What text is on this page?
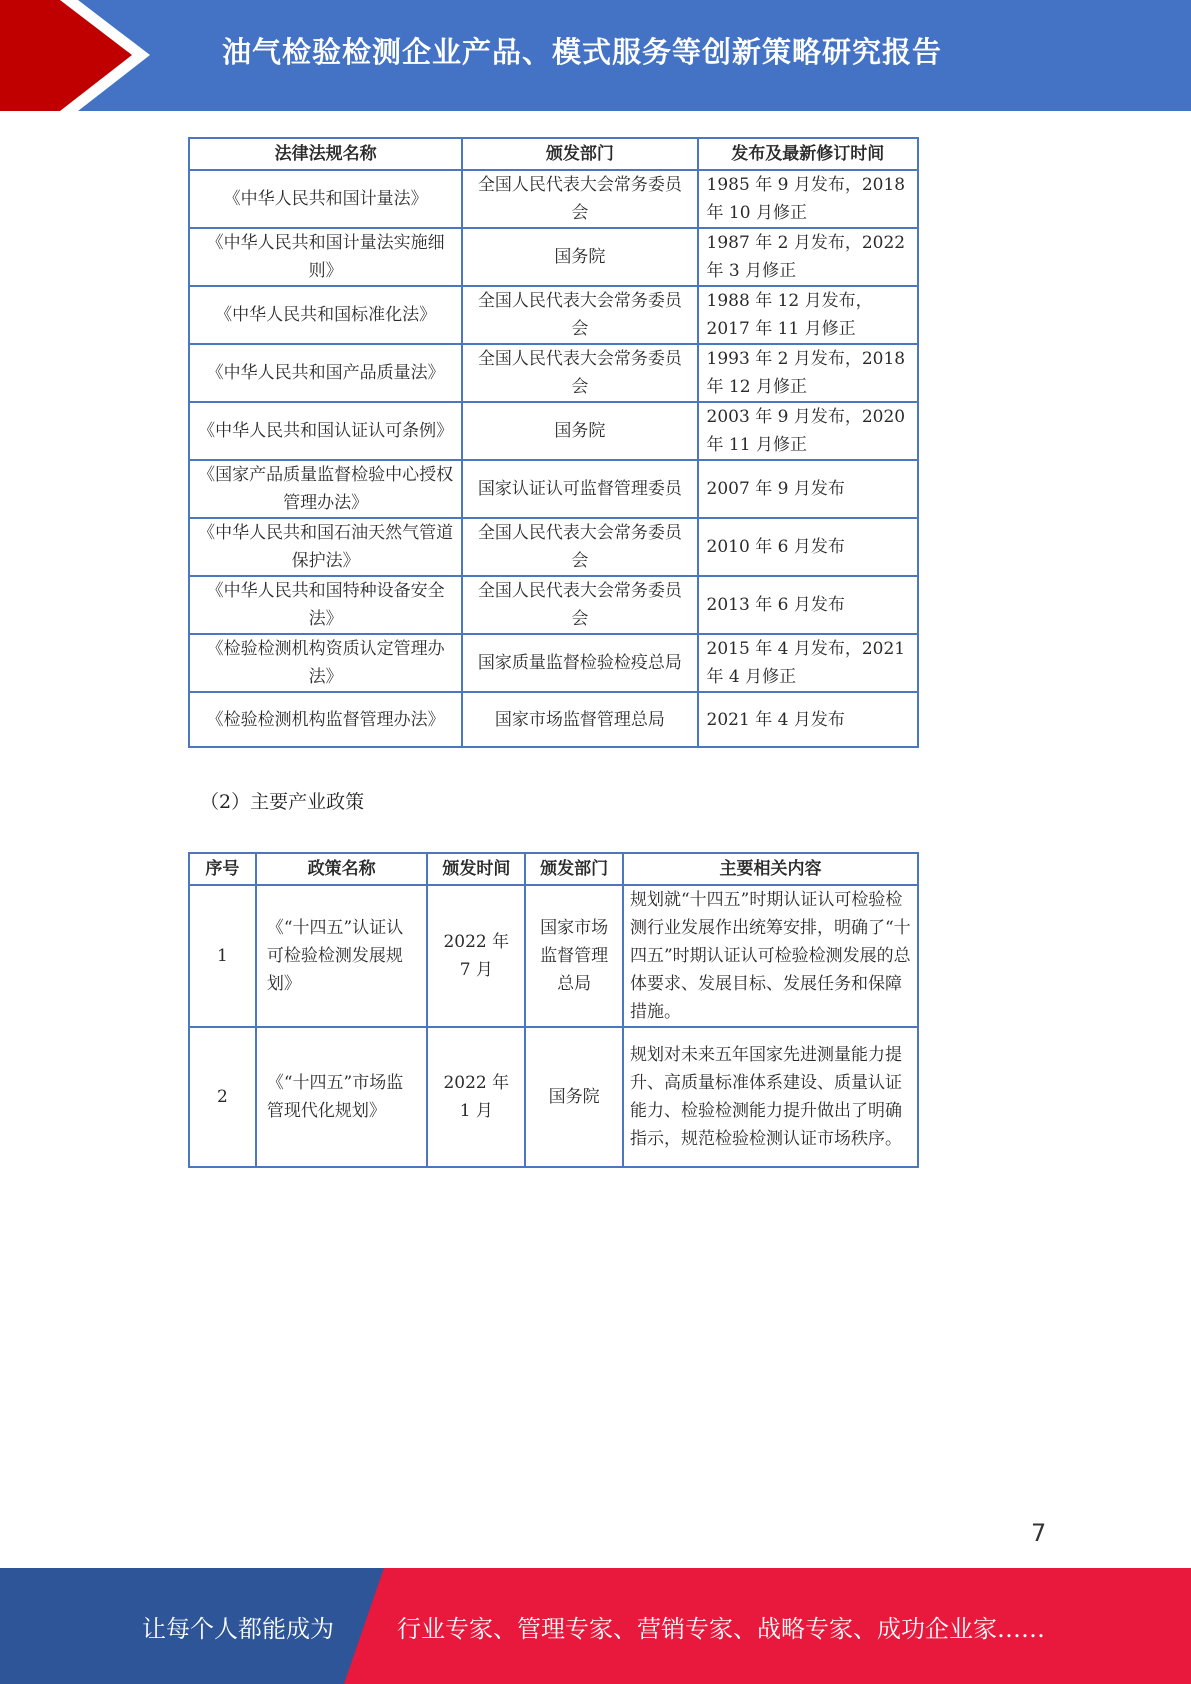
油气检验检测企业产品、模式服务等创新策略研究报告
法律法规名称	颁发部门	发布及最新修订时间
《中华人民共和国计量法》	全国人民代表大会常务委员会	1985 年 9 月发布，2018 年 10 月修正
《中华人民共和国计量法实施细则》	国务院	1987 年 2 月发布，2022 年 3 月修正
《中华人民共和国标准化法》	全国人民代表大会常务委员会	1988 年 12 月发布，2017 年 11 月修正
《中华人民共和国产品质量法》	全国人民代表大会常务委员会	1993 年 2 月发布，2018 年 12 月修正
《中华人民共和国认证认可条例》	国务院	2003 年 9 月发布，2020 年 11 月修正
《国家产品质量监督检验中心授权管理办法》	国家认证认可监督管理委员	2007 年 9 月发布
《中华人民共和国石油天然气管道保护法》	全国人民代表大会常务委员会	2010 年 6 月发布
《中华人民共和国特种设备安全法》	全国人民代表大会常务委员会	2013 年 6 月发布
《检验检测机构资质认定管理办法》	国家质量监督检验检疫总局	2015 年 4 月发布，2021 年 4 月修正
《检验检测机构监督管理办法》	国家市场监督管理总局	2021 年 4 月发布
（2）主要产业政策
序号	政策名称	颁发时间	颁发部门	主要相关内容
1	《“十四五”认证认可检验检测发展规划》	2022 年 7 月	国家市场监督管理总局	规划就“十四五”时期认证认可检验检测行业发展作出统筹安排，明确了“十四五”时期认证认可检验检测发展的总体要求、发展目标、发展任务和保障措施。
2	《“十四五”市场监管现代化规划》	2022 年 1 月	国务院	规划对未来五年国家先进测量能力提升、高质量标准体系建设、质量认证能力、检验检测能力提升做出了明确指示，规范检验检测认证市场秩序。
7
让每个人都能成为	行业专家、管理专家、营销专家、战略专家、成功企业家……
